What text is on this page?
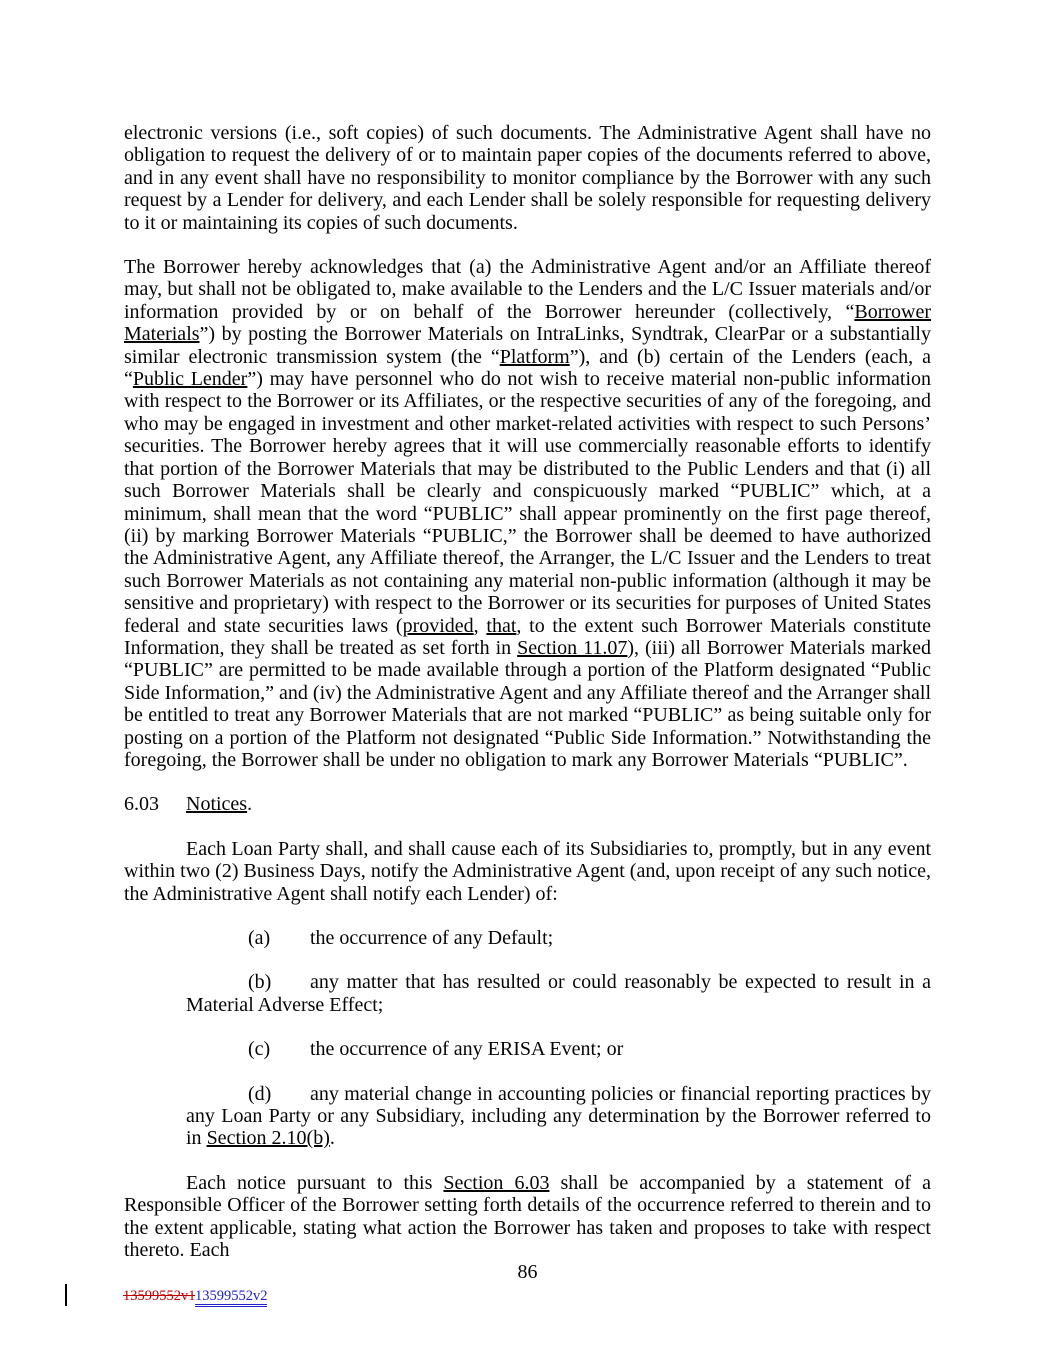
electronic versions (i.e., soft copies) of such documents. The Administrative Agent shall have no obligation to request the delivery of or to maintain paper copies of the documents referred to above, and in any event shall have no responsibility to monitor compliance by the Borrower with any such request by a Lender for delivery, and each Lender shall be solely responsible for requesting delivery to it or maintaining its copies of such documents.

The Borrower hereby acknowledges that (a) the Administrative Agent and/or an Affiliate thereof may, but shall not be obligated to, make available to the Lenders and the L/C Issuer materials and/or information provided by or on behalf of the Borrower hereunder (collectively, “Borrower Materials”) by posting the Borrower Materials on IntraLinks, Syndtrak, ClearPar or a substantially similar electronic transmission system (the “Platform”), and (b) certain of the Lenders (each, a “Public Lender”) may have personnel who do not wish to receive material non-public information with respect to the Borrower or its Affiliates, or the respective securities of any of the foregoing, and who may be engaged in investment and other market-related activities with respect to such Persons’ securities. The Borrower hereby agrees that it will use commercially reasonable efforts to identify that portion of the Borrower Materials that may be distributed to the Public Lenders and that (i) all such Borrower Materials shall be clearly and conspicuously marked “PUBLIC” which, at a minimum, shall mean that the word “PUBLIC” shall appear prominently on the first page thereof, (ii) by marking Borrower Materials “PUBLIC,” the Borrower shall be deemed to have authorized the Administrative Agent, any Affiliate thereof, the Arranger, the L/C Issuer and the Lenders to treat such Borrower Materials as not containing any material non-public information (although it may be sensitive and proprietary) with respect to the Borrower or its securities for purposes of United States federal and state securities laws (provided, that, to the extent such Borrower Materials constitute Information, they shall be treated as set forth in Section 11.07), (iii) all Borrower Materials marked “PUBLIC” are permitted to be made available through a portion of the Platform designated “Public Side Information,” and (iv) the Administrative Agent and any Affiliate thereof and the Arranger shall be entitled to treat any Borrower Materials that are not marked “PUBLIC” as being suitable only for posting on a portion of the Platform not designated “Public Side Information.” Notwithstanding the foregoing, the Borrower shall be under no obligation to mark any Borrower Materials “PUBLIC”.

6.03 Notices.

Each Loan Party shall, and shall cause each of its Subsidiaries to, promptly, but in any event within two (2) Business Days, notify the Administrative Agent (and, upon receipt of any such notice, the Administrative Agent shall notify each Lender) of:

(a) the occurrence of any Default;

(b) any matter that has resulted or could reasonably be expected to result in a Material Adverse Effect;

(c) the occurrence of any ERISA Event; or

(d) any material change in accounting policies or financial reporting practices by any Loan Party or any Subsidiary, including any determination by the Borrower referred to in Section 2.10(b).

Each notice pursuant to this Section 6.03 shall be accompanied by a statement of a Responsible Officer of the Borrower setting forth details of the occurrence referred to therein and to the extent applicable, stating what action the Borrower has taken and proposes to take with respect thereto. Each

86
13599552v113599552v2
